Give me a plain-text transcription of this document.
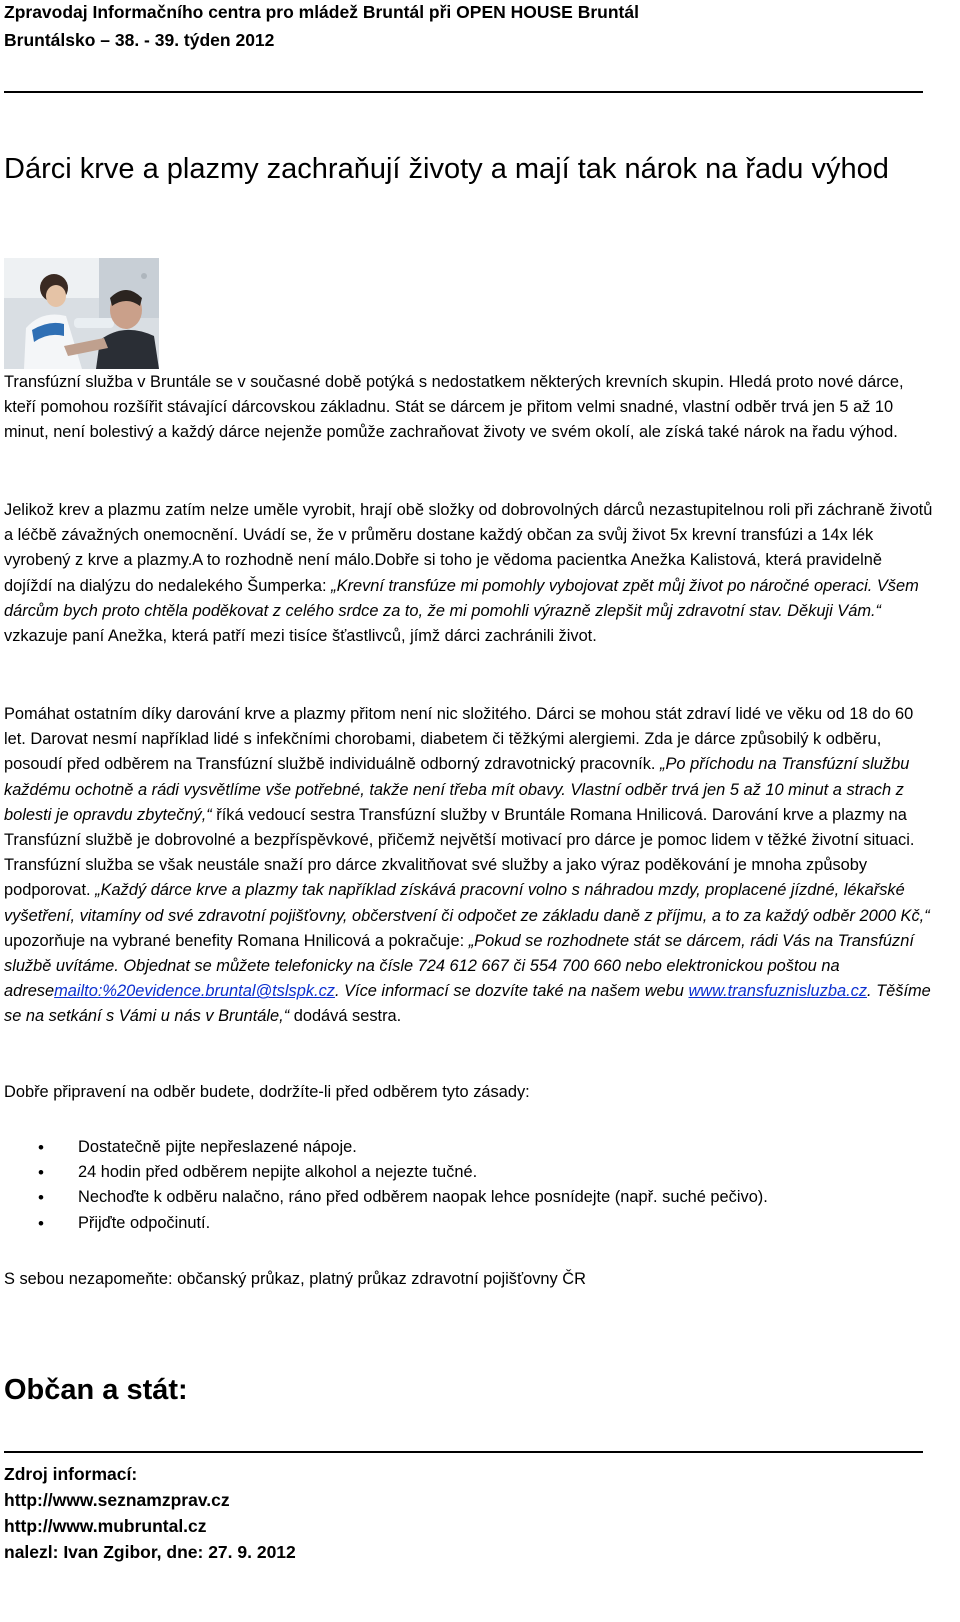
Zpravodaj Informačního centra pro mládež Bruntál při OPEN HOUSE Bruntál
Bruntálsko – 38. - 39. týden 2012
Dárci krve a plazmy zachraňují životy a mají tak nárok na řadu výhod
Transfúzní služba v Bruntále se v současné době potýká s nedostatkem některých krevních skupin. Hledá proto nové dárce, kteří pomohou rozšířit stávající dárcovskou základnu. Stát se dárcem je přitom velmi snadné, vlastní odběr trvá jen 5 až 10 minut, není bolestivý a každý dárce nejenže pomůže zachraňovat životy ve svém okolí, ale získá také nárok na řadu výhod.
Jelikož krev a plazmu zatím nelze uměle vyrobit, hrají obě složky od dobrovolných dárců nezastupitelnou roli při záchraně životů a léčbě závažných onemocnění. Uvádí se, že v průměru dostane každý občan za svůj život 5x krevní transfúzi a 14x lék vyrobený z krve a plazmy.A to rozhodně není málo.Dobře si toho je vědoma pacientka Anežka Kalistová, která pravidelně dojíždí na dialýzu do nedalekého Šumperka: „Krevní transfúze mi pomohly vybojovat zpět můj život po náročné operaci. Všem dárcům bych proto chtěla poděkovat z celého srdce za to, že mi pomohli výrazně zlepšit můj zdravotní stav. Děkuji Vám.“ vzkazuje paní Anežka, která patří mezi tisíce šťastlivců, jímž dárci zachránili život.
Pomáhat ostatním díky darování krve a plazmy přitom není nic složitého. Dárci se mohou stát zdraví lidé ve věku od 18 do 60 let. Darovat nesmí například lidé s infekčními chorobami, diabetem či těžkými alergiemi. Zda je dárce způsobilý k odběru, posoudí před odběrem na Transfúzní službě individuálně odborný zdravotnický pracovník. „Po příchodu na Transfúzní službu každému ochotně a rádi vysvětlíme vše potřebné, takže není třeba mít obavy. Vlastní odběr trvá jen 5 až 10 minut a strach z bolesti je opravdu zbytečný,“ říká vedoucí sestra Transfúzní služby v Bruntále Romana Hnilicová. Darování krve a plazmy na Transfúzní službě je dobrovolné a bezpříspěvkové, přičemž největší motivací pro dárce je pomoc lidem v těžké životní situaci. Transfúzní služba se však neustále snaží pro dárce zkvalitňovat své služby a jako výraz poděkování je mnoha způsoby podporovat. „Každý dárce krve a plazmy tak například získává pracovní volno s náhradou mzdy, proplacené jízdné, lékařské vyšetření, vitamíny od své zdravotní pojišťovny, občerstvení či odpočet ze základu daně z příjmu, a to za každý odběr 2000 Kč,“ upozorňuje na vybrané benefity Romana Hnilicová a pokračuje: „Pokud se rozhodnete stát se dárcem, rádi Vás na Transfúzní službě uvítáme. Objednat se můžete telefonicky na čísle 724 612 667 či 554 700 660 nebo elektronickou poštou na adresemailto:%20evidence.bruntal@tslspk.cz. Více informací se dozvíte také na našem webu www.transfuznisluzba.cz. Těšíme se na setkání s Vámi u nás v Bruntále,“ dodává sestra.
Dobře připravení na odběr budete, dodržíte-li před odběrem tyto zásady:
• Dostatečně pijte nepřeslazené nápoje.
• 24 hodin před odběrem nepijte alkohol a nejezte tučné.
• Nechoďte k odběru nalačno, ráno před odběrem naopak lehce posnídejte (např. suché pečivo).
• Přijďte odpočinutí.
S sebou nezapomeňte: občanský průkaz, platný průkaz zdravotní pojišťovny ČR
Občan a stát:
Zdroj informací:
http://www.seznamzprav.cz
http://www.mubruntal.cz
nalezl: Ivan Zgibor, dne: 27. 9. 2012
